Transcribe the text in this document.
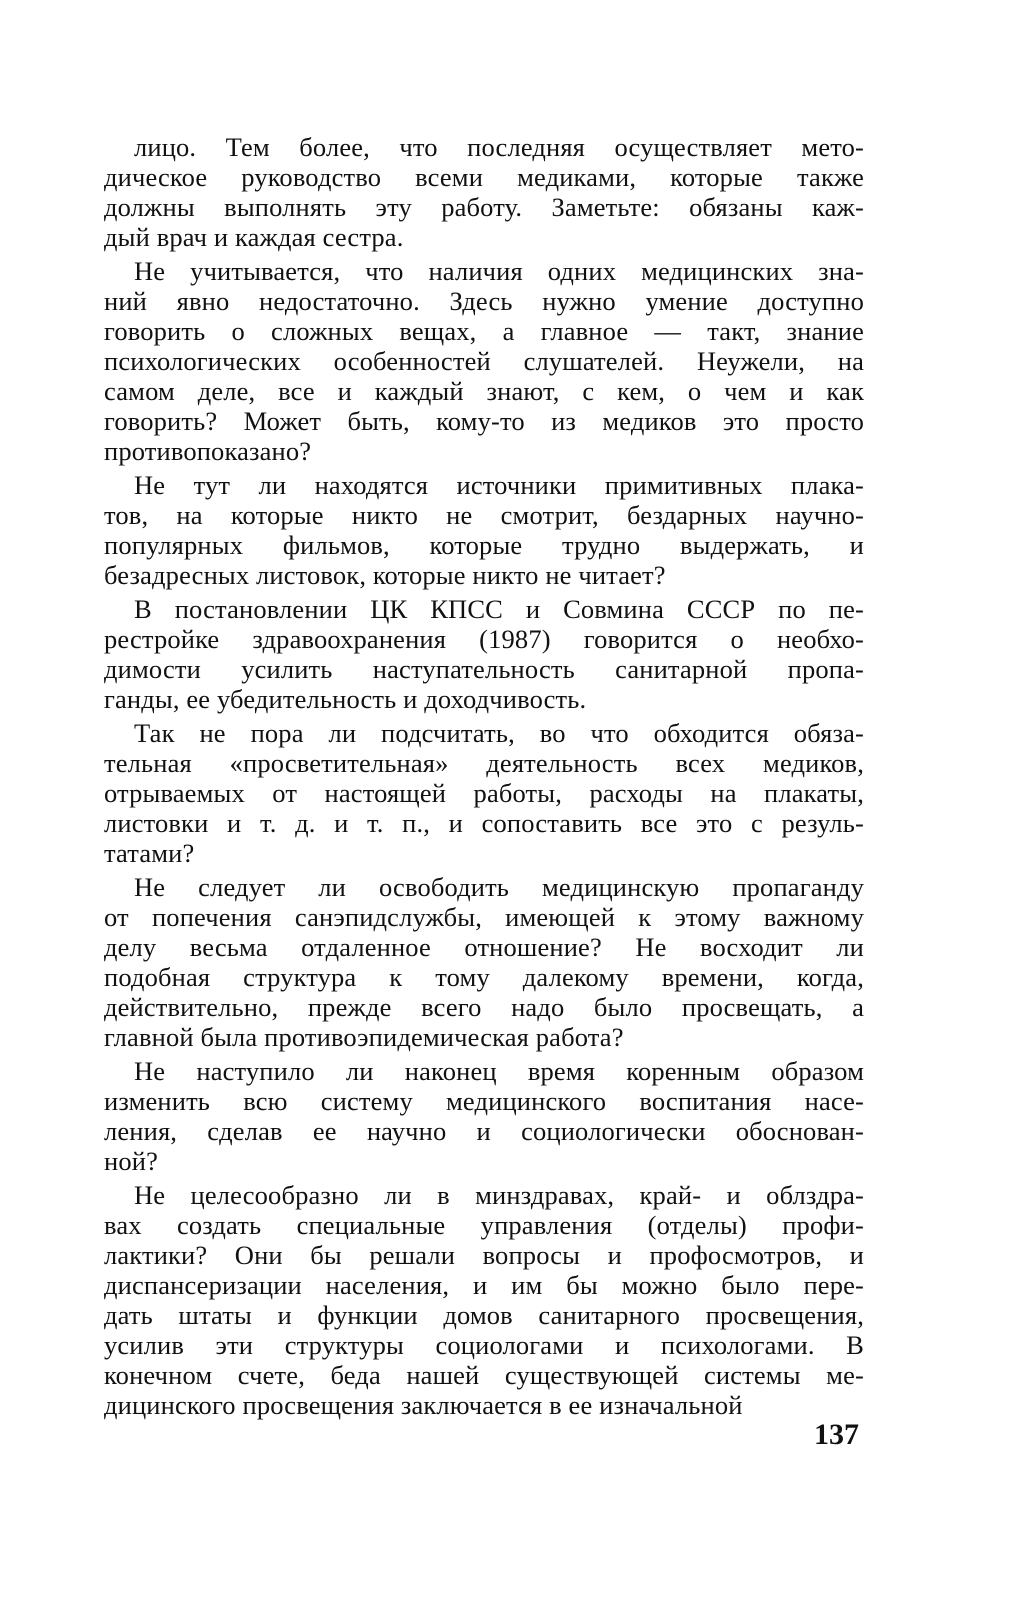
лицо. Тем более, что последняя осуществляет мето-
дическое руководство всеми медиками, которые также
должны выполнять эту работу. Заметьте: обязаны каж-
дый врач и каждая сестра.
Не учитывается, что наличия одних медицинских зна-
ний явно недостаточно. Здесь нужно умение доступно
говорить о сложных вещах, а главное — такт, знание
психологических особенностей слушателей. Неужели, на
самом деле, все и каждый знают, с кем, о чем и как
говорить? Может быть, кому-то из медиков это просто
противопоказано?
Не тут ли находятся источники примитивных плака-
тов, на которые никто не смотрит, бездарных научно-
популярных фильмов, которые трудно выдержать, и
безадресных листовок, которые никто не читает?
В постановлении ЦК КПСС и Совмина СССР по пе-
рестройке здравоохранения (1987) говорится о необхо-
димости усилить наступательность санитарной пропа-
ганды, ее убедительность и доходчивость.
Так не пора ли подсчитать, во что обходится обяза-
тельная «просветительная» деятельность всех медиков,
отрываемых от настоящей работы, расходы на плакаты,
листовки и т. д. и т. п., и сопоставить все это с резуль-
татами?
Не следует ли освободить медицинскую пропаганду
от попечения санэпидслужбы, имеющей к этому важному
делу весьма отдаленное отношение? Не восходит ли
подобная структура к тому далекому времени, когда,
действительно, прежде всего надо было просвещать, а
главной была противоэпидемическая работа?
Не наступило ли наконец время коренным образом
изменить всю систему медицинского воспитания насе-
ления, сделав ее научно и социологически обоснован-
ной?
Не целесообразно ли в минздравах, край- и облздра-
вах создать специальные управления (отделы) профи-
лактики? Они бы решали вопросы и профосмотров, и
диспансеризации населения, и им бы можно было пере-
дать штаты и функции домов санитарного просвещения,
усилив эти структуры социологами и психологами. В
конечном счете, беда нашей существующей системы ме-
дицинского просвещения заключается в ее изначальной
137
